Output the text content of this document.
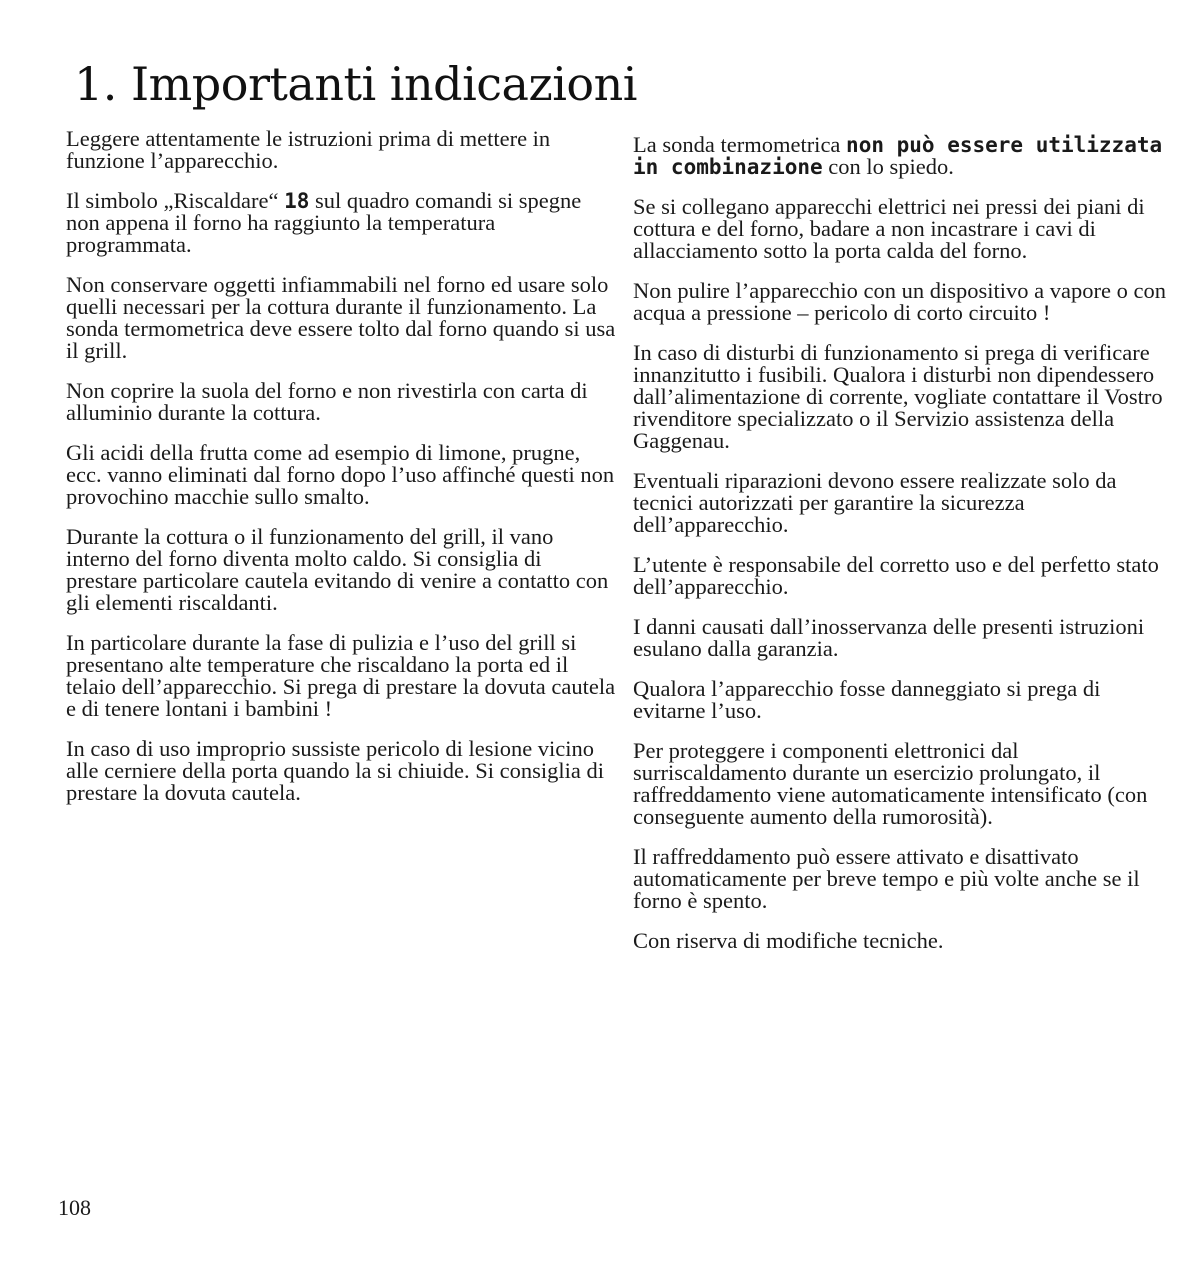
1. Importanti indicazioni

Leggere attentamente le istruzioni prima di mettere in funzione l’apparecchio.

Il simbolo „Riscaldare“ 18 sul quadro comandi si spegne non appena il forno ha raggiunto la temperatura programmata.

Non conservare oggetti infiammabili nel forno ed usare solo quelli necessari per la cottura durante il funzionamento. La sonda termometrica deve essere tolto dal forno quando si usa il grill.

Non coprire la suola del forno e non rivestirla con carta di alluminio durante la cottura.

Gli acidi della frutta come ad esempio di limone, prugne, ecc. vanno eliminati dal forno dopo l’uso affinché questi non provochino macchie sullo smalto.

Durante la cottura o il funzionamento del grill, il vano interno del forno diventa molto caldo. Si consiglia di prestare particolare cautela evitando di venire a contatto con gli elementi riscaldanti.

In particolare durante la fase di pulizia e l’uso del grill si presentano alte temperature che riscaldano la porta ed il telaio dell’apparecchio. Si prega di prestare la dovuta cautela e di tenere lontani i bambini !

In caso di uso improprio sussiste pericolo di lesione vicino alle cerniere della porta quando la si chiuide. Si consiglia di prestare la dovuta cautela.

La sonda termometrica non può essere utilizzata in combinazione con lo spiedo.

Se si collegano apparecchi elettrici nei pressi dei piani di cottura e del forno, badare a non incastrare i cavi di allacciamento sotto la porta calda del forno.

Non pulire l’apparecchio con un dispositivo a vapore o con acqua a pressione – pericolo di corto circuito !

In caso di disturbi di funzionamento si prega di verificare innanzitutto i fusibili. Qualora i disturbi non dipendessero dall’alimentazione di corrente, vogliate contattare il Vostro rivenditore specializzato o il Servizio assistenza della Gaggenau.

Eventuali riparazioni devono essere realizzate solo da tecnici autorizzati per garantire la sicurezza dell’apparecchio.

L’utente è responsabile del corretto uso e del perfetto stato dell’apparecchio.

I danni causati dall’inosservanza delle presenti istruzioni esulano dalla garanzia.

Qualora l’apparecchio fosse danneggiato si prega di evitarne l’uso.

Per proteggere i componenti elettronici dal surriscaldamento durante un esercizio prolungato, il raffreddamento viene automaticamente intensificato (con conseguente aumento della rumorosità).

Il raffreddamento può essere attivato e disattivato automaticamente per breve tempo e più volte anche se il forno è spento.

Con riserva di modifiche tecniche.

108
